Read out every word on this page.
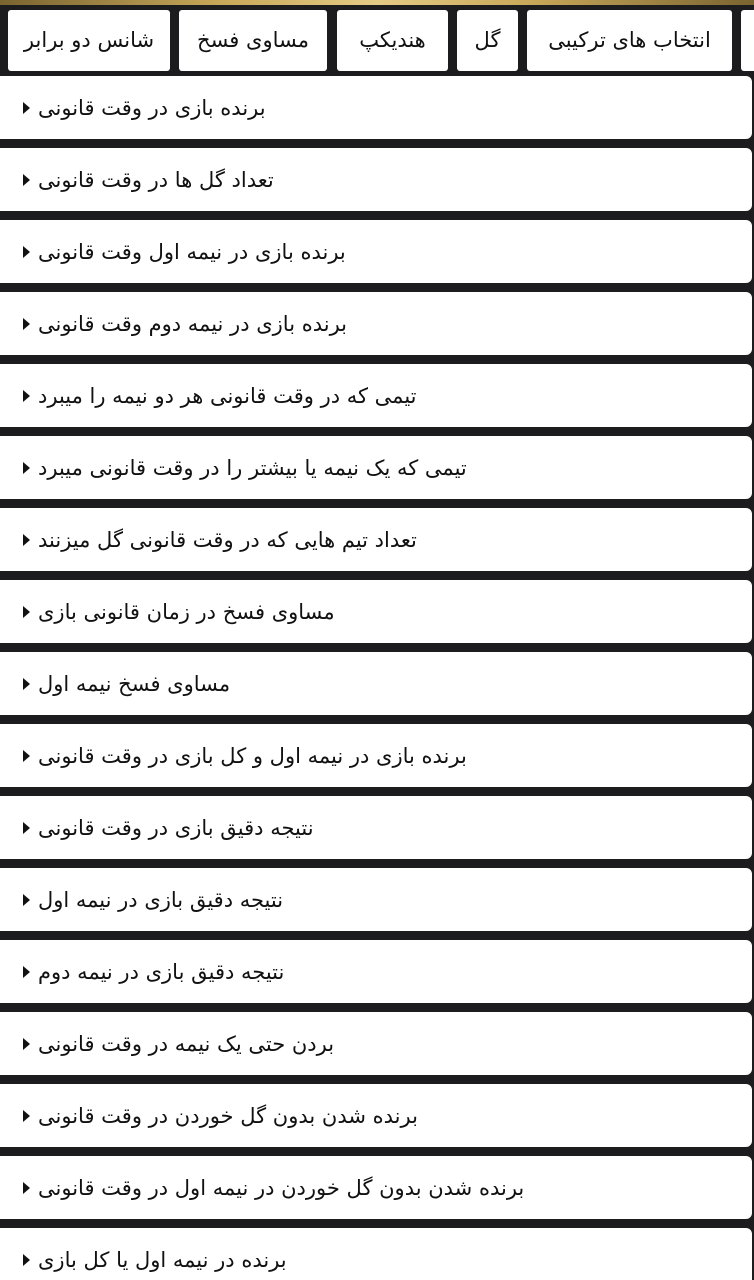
شانس دو برابر	مساوی فسخ	هندیکپ	گل	انتخاب های ترکیبی
برنده بازی در وقت قانونی
تعداد گل ها در وقت قانونی
برنده بازی در نیمه اول وقت قانونی
برنده بازی در نیمه دوم وقت قانونی
تیمی که در وقت قانونی هر دو نیمه را میبرد
تیمی که یک نیمه یا بیشتر را در وقت قانونی میبرد
تعداد تیم هایی که در وقت قانونی گل میزنند
مساوی فسخ در زمان قانونی بازی
مساوی فسخ نیمه اول
برنده بازی در نیمه اول و کل بازی در وقت قانونی
نتیجه دقیق بازی در وقت قانونی
نتیجه دقیق بازی در نیمه اول
نتیجه دقیق بازی در نیمه دوم
بردن حتی یک نیمه در وقت قانونی
برنده شدن بدون گل خوردن در وقت قانونی
برنده شدن بدون گل خوردن در نیمه اول در وقت قانونی
برنده در نیمه اول یا کل بازی
